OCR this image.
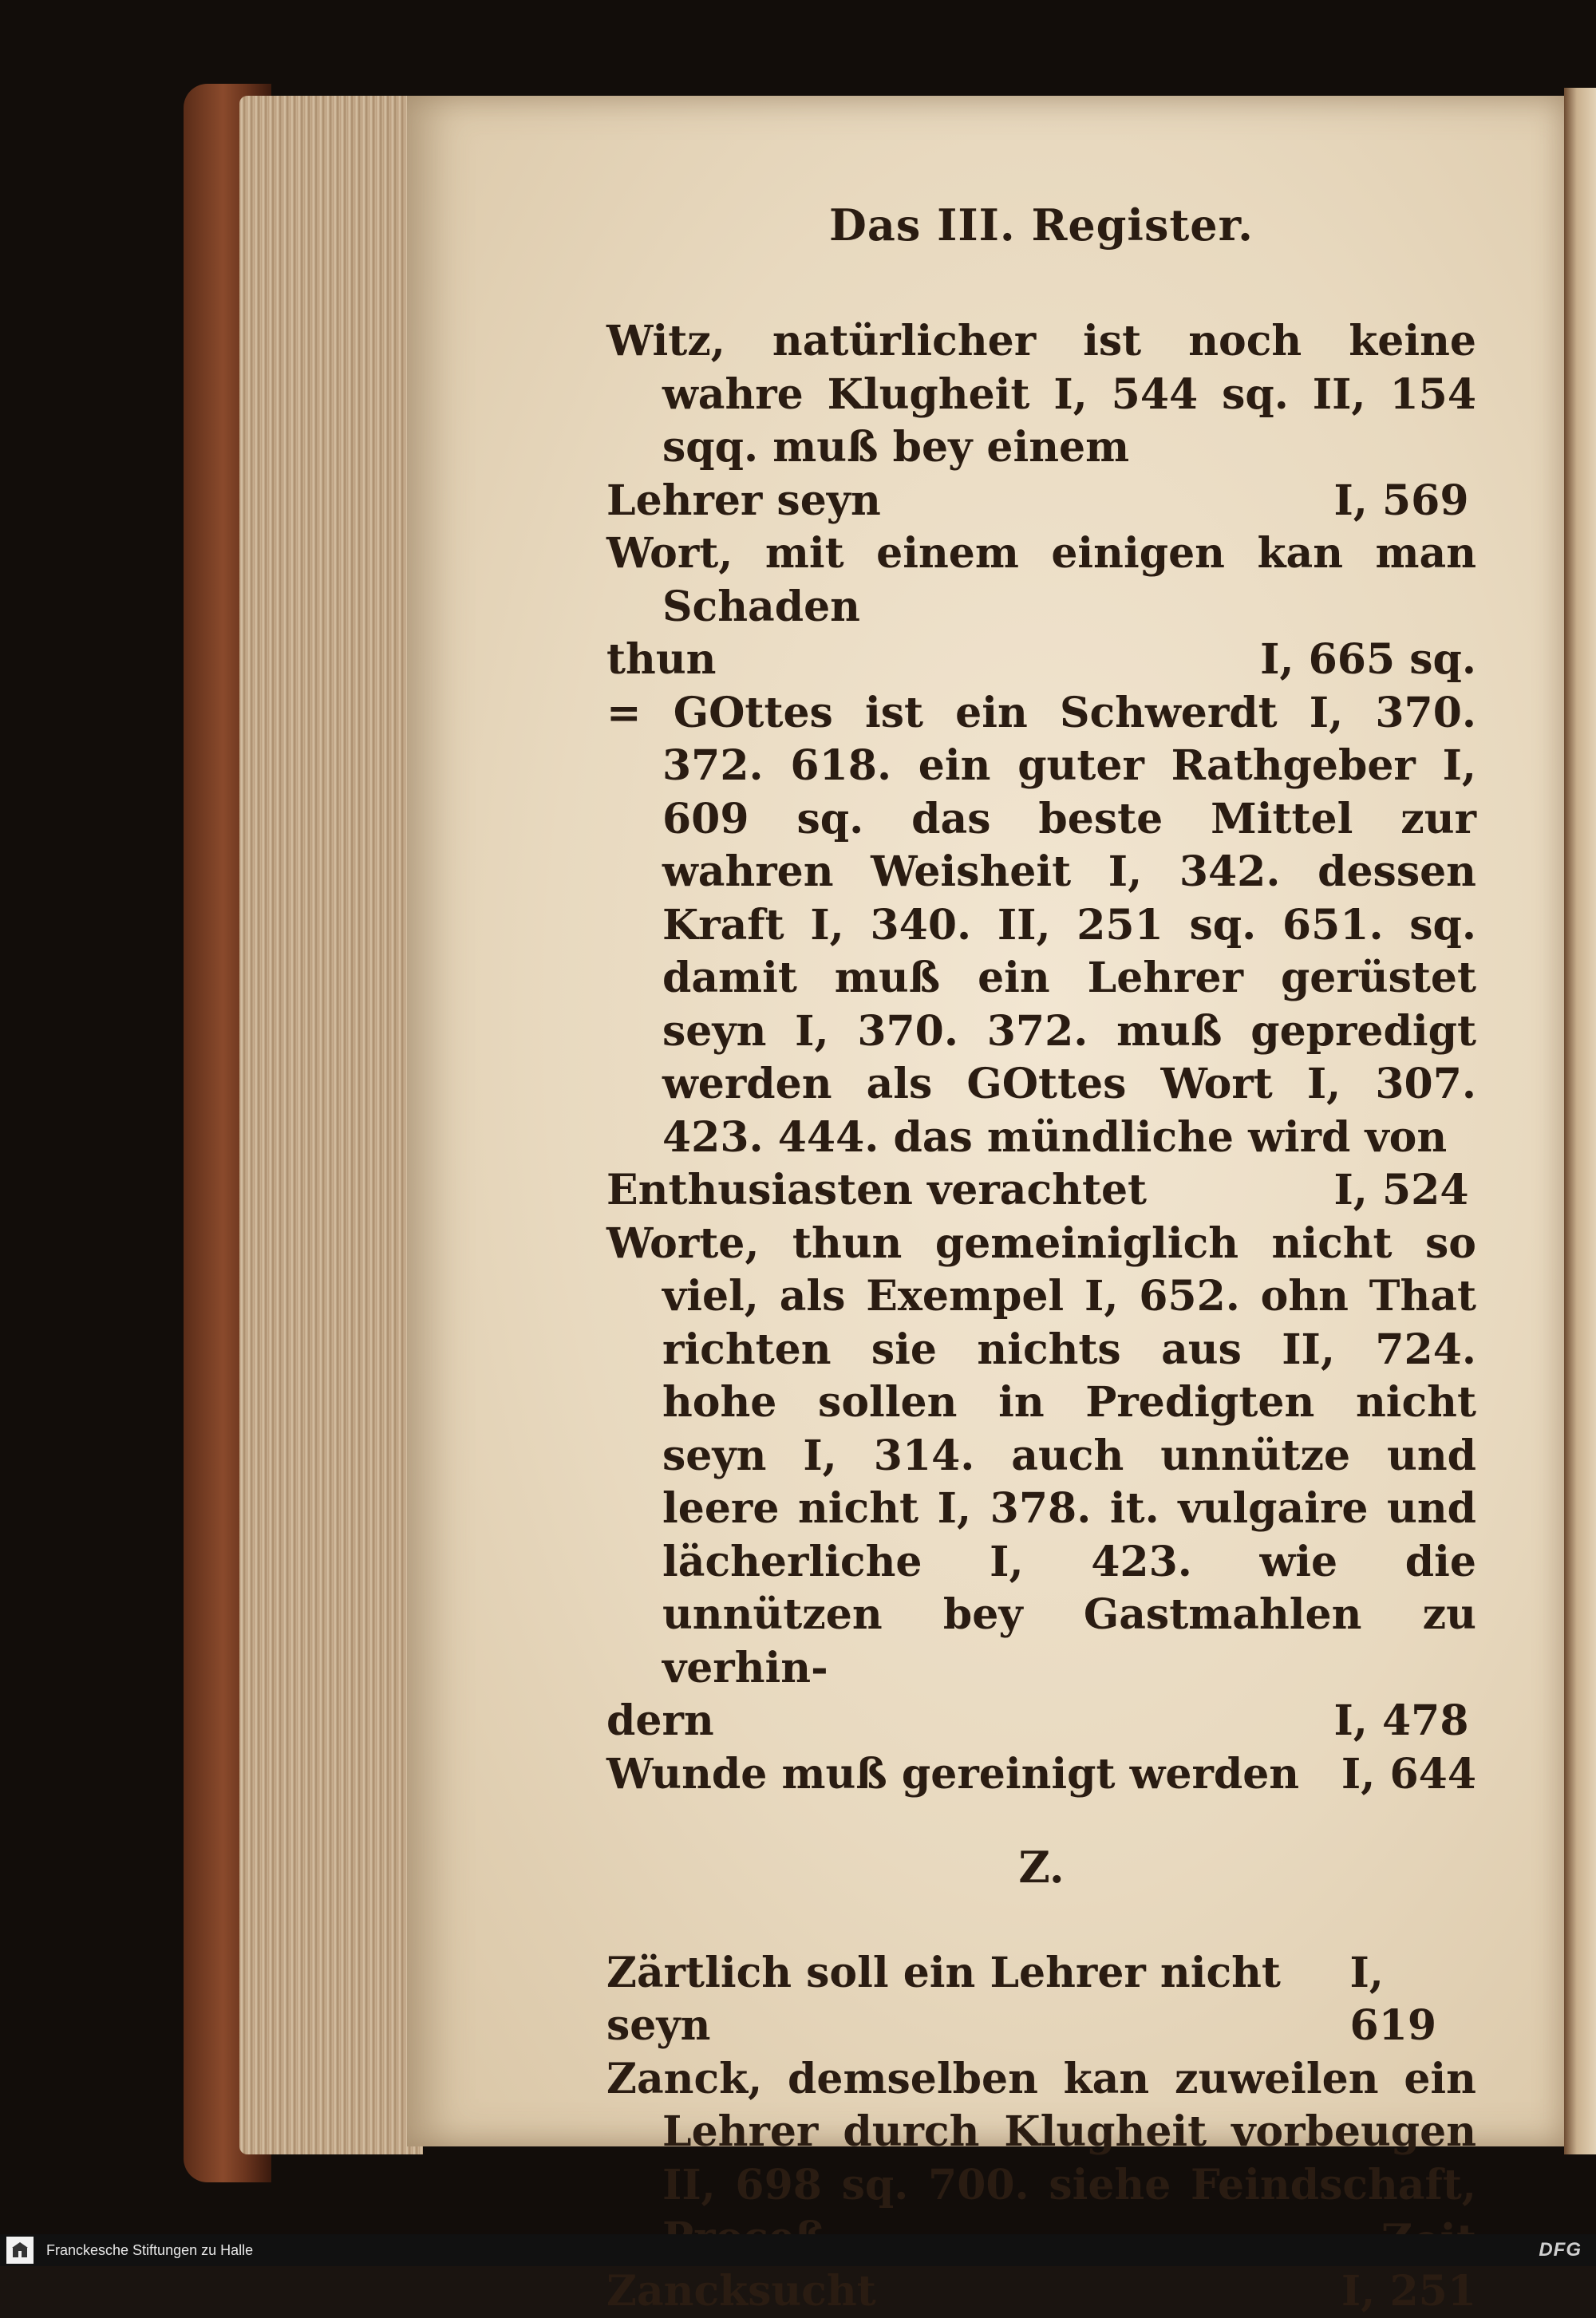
Das III. Register.
Witz, natürlicher ist noch keine wahre Klugheit I, 544 sq. II, 154 sqq. muß bey einem
Lehrer seyn	I, 569
Wort, mit einem einigen kan man Schaden
thun	I, 665 sq.
= GOttes ist ein Schwerdt I, 370. 372. 618. ein guter Rathgeber I, 609 sq. das beste Mittel zur wahren Weisheit I, 342. dessen Kraft I, 340. II, 251 sq. 651. sq. damit muß ein Lehrer gerüstet seyn I, 370. 372. muß gepredigt werden als GOttes Wort I, 307. 423. 444. das mündliche wird von
Enthusiasten verachtet	I, 524
Worte, thun gemeiniglich nicht so viel, als Exempel I, 652. ohn That richten sie nichts aus II, 724. hohe sollen in Predigten nicht seyn I, 314. auch unnütze und leere nicht I, 378. it. vulgaire und lächerliche I, 423. wie die unnützen bey Gastmahlen zu verhin-
dern	I, 478
Wunde muß gereinigt werden I, 644
Z.
Zärtlich soll ein Lehrer nicht seyn
I, 619
Zanck, demselben kan zuweilen ein Lehrer durch Klugheit vorbeugen II, 698 sq. 700. siehe Feindschaft,
Zancksucht	I, 251
Franckesche Stiftungen zu Halle	DFG
